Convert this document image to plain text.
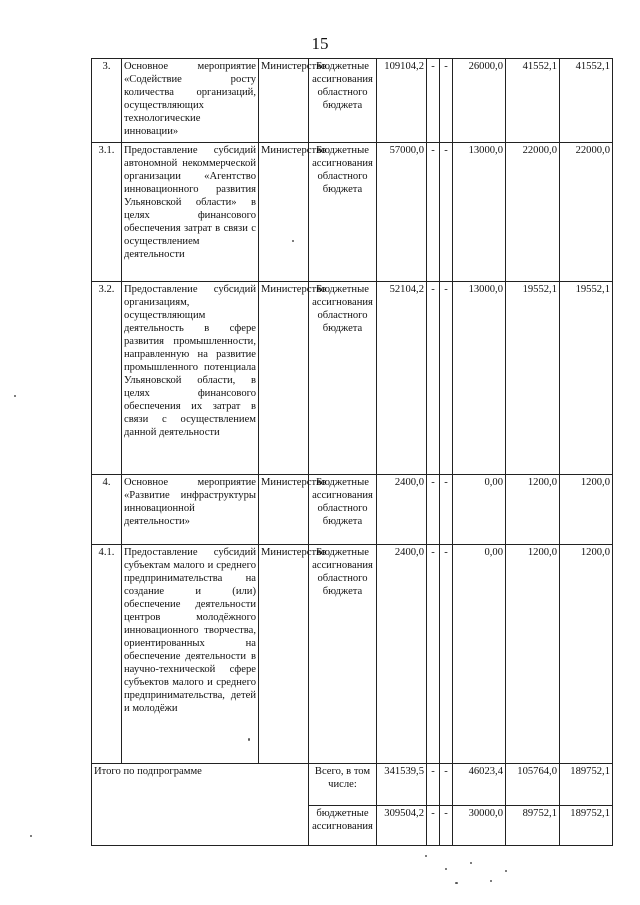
15
3.	Основное мероприятие «Содействие росту количества организаций, осуществляющих технологические инновации»	Министерство	Бюджетные ассигнования областного бюджета	109104,2	-	-	26000,0	41552,1	41552,1
3.1.	Предоставление субсидий автономной некоммерческой организации «Агентство инновационного развития Ульяновской области» в целях финансового обеспечения затрат в связи с осуществлением деятельности	Министерство	Бюджетные ассигнования областного бюджета	57000,0	-	-	13000,0	22000,0	22000,0
3.2.	Предоставление субсидий организациям, осуществляющим деятельность в сфере развития промышленности, направленную на развитие промышленного потенциала Ульяновской области, в целях финансового обеспечения их затрат в связи с осуществлением данной деятельности	Министерство	Бюджетные ассигнования областного бюджета	52104,2	-	-	13000,0	19552,1	19552,1
4.	Основное мероприятие «Развитие инфраструктуры инновационной деятельности»	Министерство	Бюджетные ассигнования областного бюджета	2400,0	-	-	0,00	1200,0	1200,0
4.1.	Предоставление субсидий субъектам малого и среднего предпринимательства на создание и (или) обеспечение деятельности центров молодёжного инновационного творчества, ориентированных на обеспечение деятельности в научно-технической сфере субъектов малого и среднего предпринимательства, детей и молодёжи	Министерство	Бюджетные ассигнования областного бюджета	2400,0	-	-	0,00	1200,0	1200,0
Итого по подпрограмме			Всего, в том числе:	341539,5	-	-	46023,4	105764,0	189752,1
			бюджетные ассигнования	309504,2	-	-	30000,0	89752,1	189752,1
